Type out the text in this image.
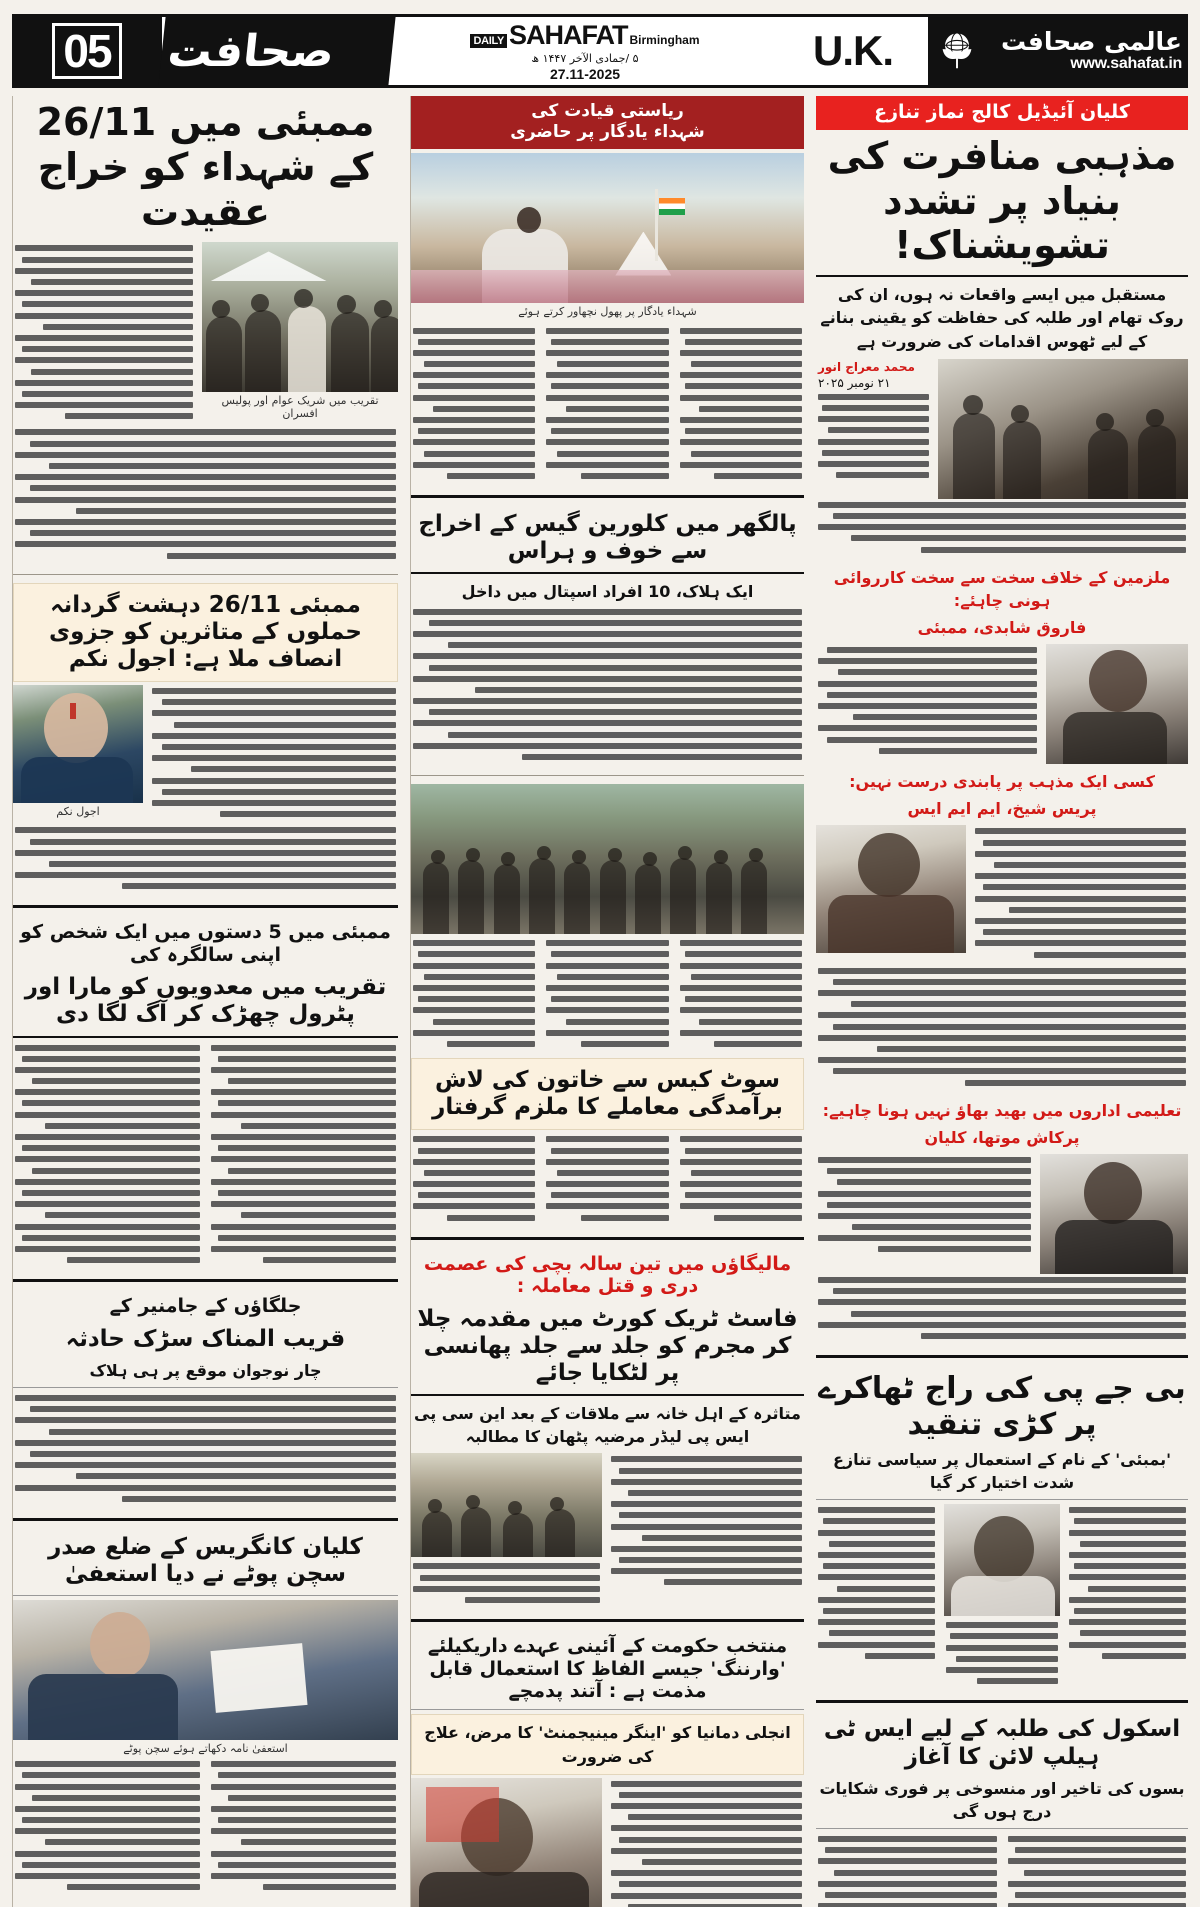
05 صحافت	DAILY SAHAFAT Birmingham
۵ /جمادی الآخر ۱۴۴۷ ھ
27.11-2025	U.K.	عالمی صحافت
www.sahafat.in
کلیان آئیڈیل کالج نماز تنازع
مذہبی منافرت کی بنیاد پر تشدد تشویشناک!
مستقبل میں ایسے واقعات نہ ہوں، ان کی روک تھام اور طلبہ کی حفاظت کو یقینی بنانے کے لیے ٹھوس اقدامات کی ضرورت ہے
محمد معراج انور
۲۱ نومبر ۲۰۲۵
ملزمین کے خلاف سخت سے سخت کارروائی ہونی چاہئے:
فاروق شابدی، ممبئی
کسی ایک مذہب پر پابندی درست نہیں:
پریس شیخ، ایم ایم ایس
تعلیمی اداروں میں بھید بھاؤ نہیں ہونا چاہیے:
پرکاش موتھا، کلیان
بی جے پی کی راج ٹھاکرے پر کڑی تنقید
'بمبئی' کے نام کے استعمال پر سیاسی تنازع شدت اختیار کر گیا
اسکول کی طلبہ کے لیے ایس ٹی ہیلپ لائن کا آغاز
بسوں کی تاخیر اور منسوخی پر فوری شکایات درج ہوں گی
ریاستی قیادت کی
شہداء یادگار پر حاضری
شہداء یادگار پر پھول نچھاور کرتے ہوئے
پالگھر میں کلورین گیس کے اخراج سے خوف و ہراس
ایک ہلاک، 10 افراد اسپتال میں داخل
سوٹ کیس سے خاتون کی لاش برآمدگی معاملے کا ملزم گرفتار
مالیگاؤں میں تین سالہ بچی کی عصمت دری و قتل معاملہ :
فاسٹ ٹریک کورٹ میں مقدمہ چلا کر مجرم کو جلد سے جلد پھانسی پر لٹکایا جائے
متاثرہ کے اہل خانہ سے ملاقات کے بعد این سی پی ایس پی لیڈر مرضیہ پٹھان کا مطالبہ
منتخب حکومت کے آئینی عہدے داریکیلئے 'وارننگ' جیسے الفاظ کا استعمال قابل مذمت ہے : آتند پدمچے
انجلی دمانیا کو 'اینگر مینیجمنٹ' کا مرض، علاج کی ضرورت
ممبئی میں 26/11 کے شہداء کو خراج عقیدت
تقریب میں شریک عوام اور پولیس افسران
ممبئی 26/11 دہشت گردانہ حملوں کے متاثرین کو جزوی انصاف ملا ہے: اجول نکم
اجول نکم
ممبئی میں 5 دستوں میں ایک شخص کو اپنی سالگرہ کی
تقریب میں معدویوں کو مارا اور پٹرول چھڑک کر آگ لگا دی
جلگاؤں کے جامنیر کے
قریب المناک سڑک حادثہ
چار نوجوان موقع پر ہی ہلاک
کلیان کانگریس کے ضلع صدر سچن پوٹے نے دیا استعفیٰ
استعفیٰ نامہ دکھاتے ہوئے سچن پوٹے
